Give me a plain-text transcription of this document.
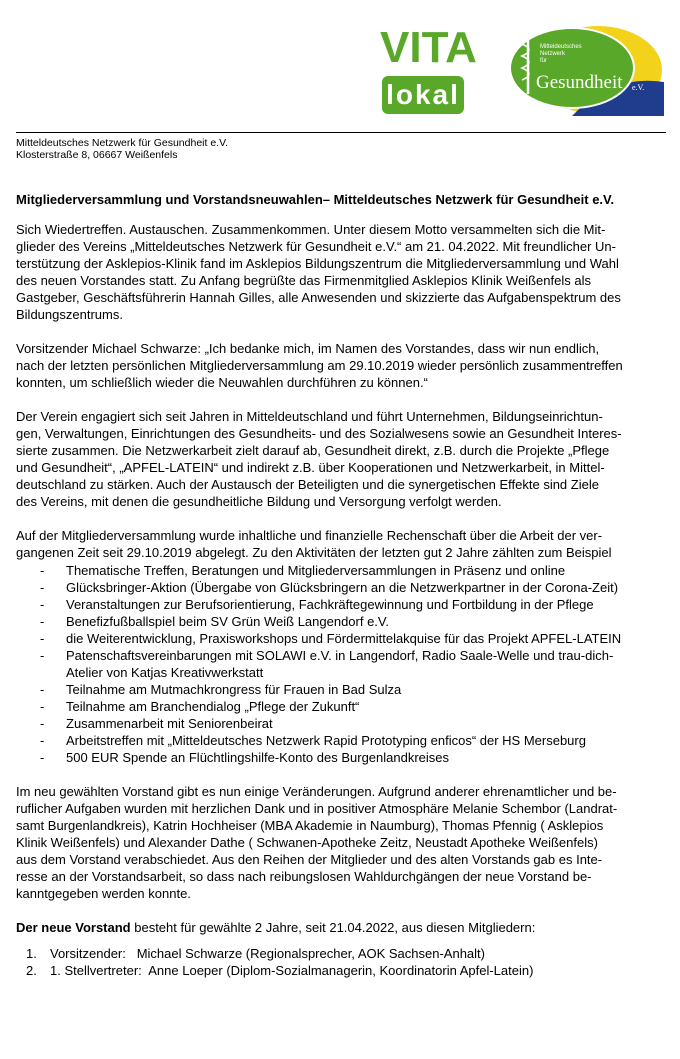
VITA
lokal
Mitteldeutsches
Netzwerk
für
Gesundheit e.V.
Mitteldeutsches Netzwerk für Gesundheit e.V.
Klosterstraße 8, 06667 Weißenfels
Mitgliederversammlung und Vorstandsneuwahlen– Mitteldeutsches Netzwerk für Gesundheit e.V.

Sich Wiedertreffen. Austauschen. Zusammenkommen. Unter diesem Motto versammelten sich die Mit-
glieder des Vereins „Mitteldeutsches Netzwerk für Gesundheit e.V.“ am 21. 04.2022. Mit freundlicher Un-
terstützung der Asklepios-Klinik fand im Asklepios Bildungszentrum die Mitgliederversammlung und Wahl
des neuen Vorstandes statt. Zu Anfang begrüßte das Firmenmitglied Asklepios Klinik Weißenfels als
Gastgeber, Geschäftsführerin Hannah Gilles, alle Anwesenden und skizzierte das Aufgabenspektrum des
Bildungszentrums.

Vorsitzender Michael Schwarze: „Ich bedanke mich, im Namen des Vorstandes, dass wir nun endlich,
nach der letzten persönlichen Mitgliederversammlung am 29.10.2019 wieder persönlich zusammentreffen
konnten, um schließlich wieder die Neuwahlen durchführen zu können.“

Der Verein engagiert sich seit Jahren in Mitteldeutschland und führt Unternehmen, Bildungseinrichtun-
gen, Verwaltungen, Einrichtungen des Gesundheits- und des Sozialwesens sowie an Gesundheit Interes-
sierte zusammen. Die Netzwerkarbeit zielt darauf ab, Gesundheit direkt, z.B. durch die Projekte „Pflege
und Gesundheit“, „APFEL-LATEIN“ und indirekt z.B. über Kooperationen und Netzwerkarbeit, in Mittel-
deutschland zu stärken. Auch der Austausch der Beteiligten und die synergetischen Effekte sind Ziele
des Vereins, mit denen die gesundheitliche Bildung und Versorgung verfolgt werden.

Auf der Mitgliederversammlung wurde inhaltliche und finanzielle Rechenschaft über die Arbeit der ver-
gangenen Zeit seit 29.10.2019 abgelegt. Zu den Aktivitäten der letzten gut 2 Jahre zählten zum Beispiel

- Thematische Treffen, Beratungen und Mitgliederversammlungen in Präsenz und online
- Glücksbringer-Aktion (Übergabe von Glücksbringern an die Netzwerkpartner in der Corona-Zeit)
- Veranstaltungen zur Berufsorientierung, Fachkräftegewinnung und Fortbildung in der Pflege
- Benefizfußballspiel beim SV Grün Weiß Langendorf e.V.
- die Weiterentwicklung, Praxisworkshops und Fördermittelakquise für das Projekt APFEL-LATEIN
- Patenschaftsvereinbarungen mit SOLAWI e.V. in Langendorf, Radio Saale-Welle und trau-dich-
Atelier von Katjas Kreativwerkstatt
- Teilnahme am Mutmachkrongress für Frauen in Bad Sulza
- Teilnahme am Branchendialog „Pflege der Zukunft“
- Zusammenarbeit mit Seniorenbeirat
- Arbeitstreffen mit „Mitteldeutsches Netzwerk Rapid Prototyping enficos“ der HS Merseburg
- 500 EUR Spende an Flüchtlingshilfe-Konto des Burgenlandkreises

Im neu gewählten Vorstand gibt es nun einige Veränderungen. Aufgrund anderer ehrenamtlicher und be-
ruflicher Aufgaben wurden mit herzlichen Dank und in positiver Atmosphäre Melanie Schembor (Landrat-
samt Burgenlandkreis), Katrin Hochheiser (MBA Akademie in Naumburg), Thomas Pfennig ( Asklepios
Klinik Weißenfels) und Alexander Dathe ( Schwanen-Apotheke Zeitz, Neustadt Apotheke Weißenfels)
aus dem Vorstand verabschiedet. Aus den Reihen der Mitglieder und des alten Vorstands gab es Inte-
resse an der Vorstandsarbeit, so dass nach reibungslosen Wahldurchgängen der neue Vorstand be-
kanntgegeben werden konnte.

Der neue Vorstand besteht für gewählte 2 Jahre, seit 21.04.2022, aus diesen Mitgliedern:

1. Vorsitzender:   Michael Schwarze (Regionalsprecher, AOK Sachsen-Anhalt)
2. 1. Stellvertreter:  Anne Loeper (Diplom-Sozialmanagerin, Koordinatorin Apfel-Latein)
